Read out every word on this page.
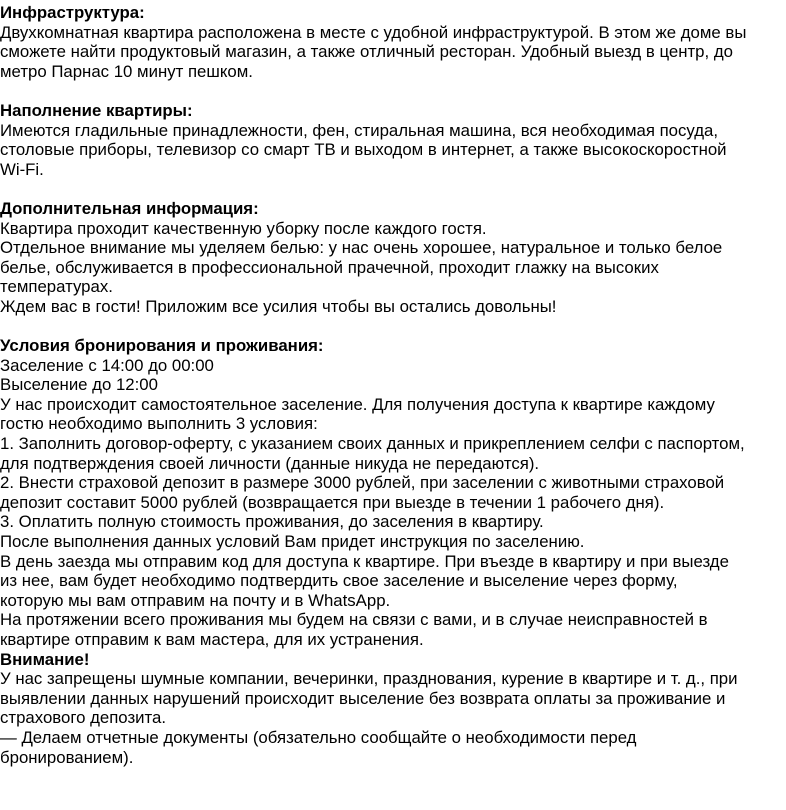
Инфраструктура:
Двухкомнатная квартира расположена в месте с удобной инфраструктурой. В этом же доме вы
сможете найти продуктовый магазин, а также отличный ресторан. Удобный выезд в центр, до
метро Парнас 10 минут пешком.
Наполнение квартиры:
Имеются гладильные принадлежности, фен, стиральная машина, вся необходимая посуда,
столовые приборы, телевизор со смарт ТВ и выходом в интернет, а также высокоскоростной
Wi-Fi.
Дополнительная информация:
Квартира проходит качественную уборку после каждого гостя.
Отдельное внимание мы уделяем белью: у нас очень хорошее, натуральное и только белое
белье, обслуживается в профессиональной прачечной, проходит глажку на высоких
температурах.
Ждем вас в гости! Приложим все усилия чтобы вы остались довольны!
Условия бронирования и проживания:
Заселение с 14:00 до 00:00
Выселение до 12:00
У нас происходит самостоятельное заселение. Для получения доступа к квартире каждому
гостю необходимо выполнить 3 условия:
1. Заполнить договор-оферту, с указанием своих данных и прикреплением селфи с паспортом,
для подтверждения своей личности (данные никуда не передаются).
2. Внести страховой депозит в размере 3000 рублей, при заселении с животными страховой
депозит составит 5000 рублей (возвращается при выезде в течении 1 рабочего дня).
3. Оплатить полную стоимость проживания, до заселения в квартиру.
После выполнения данных условий Вам придет инструкция по заселению.
В день заезда мы отправим код для доступа к квартире. При въезде в квартиру и при выезде
из нее, вам будет необходимо подтвердить свое заселение и выселение через форму,
которую мы вам отправим на почту и в WhatsApp.
На протяжении всего проживания мы будем на связи с вами, и в случае неисправностей в
квартире отправим к вам мастера, для их устранения.
Внимание!
У нас запрещены шумные компании, вечеринки, празднования, курение в квартире и т. д., при
выявлении данных нарушений происходит выселение без возврата оплаты за проживание и
страхового депозита.
— Делаем отчетные документы (обязательно сообщайте о необходимости перед
бронированием).
